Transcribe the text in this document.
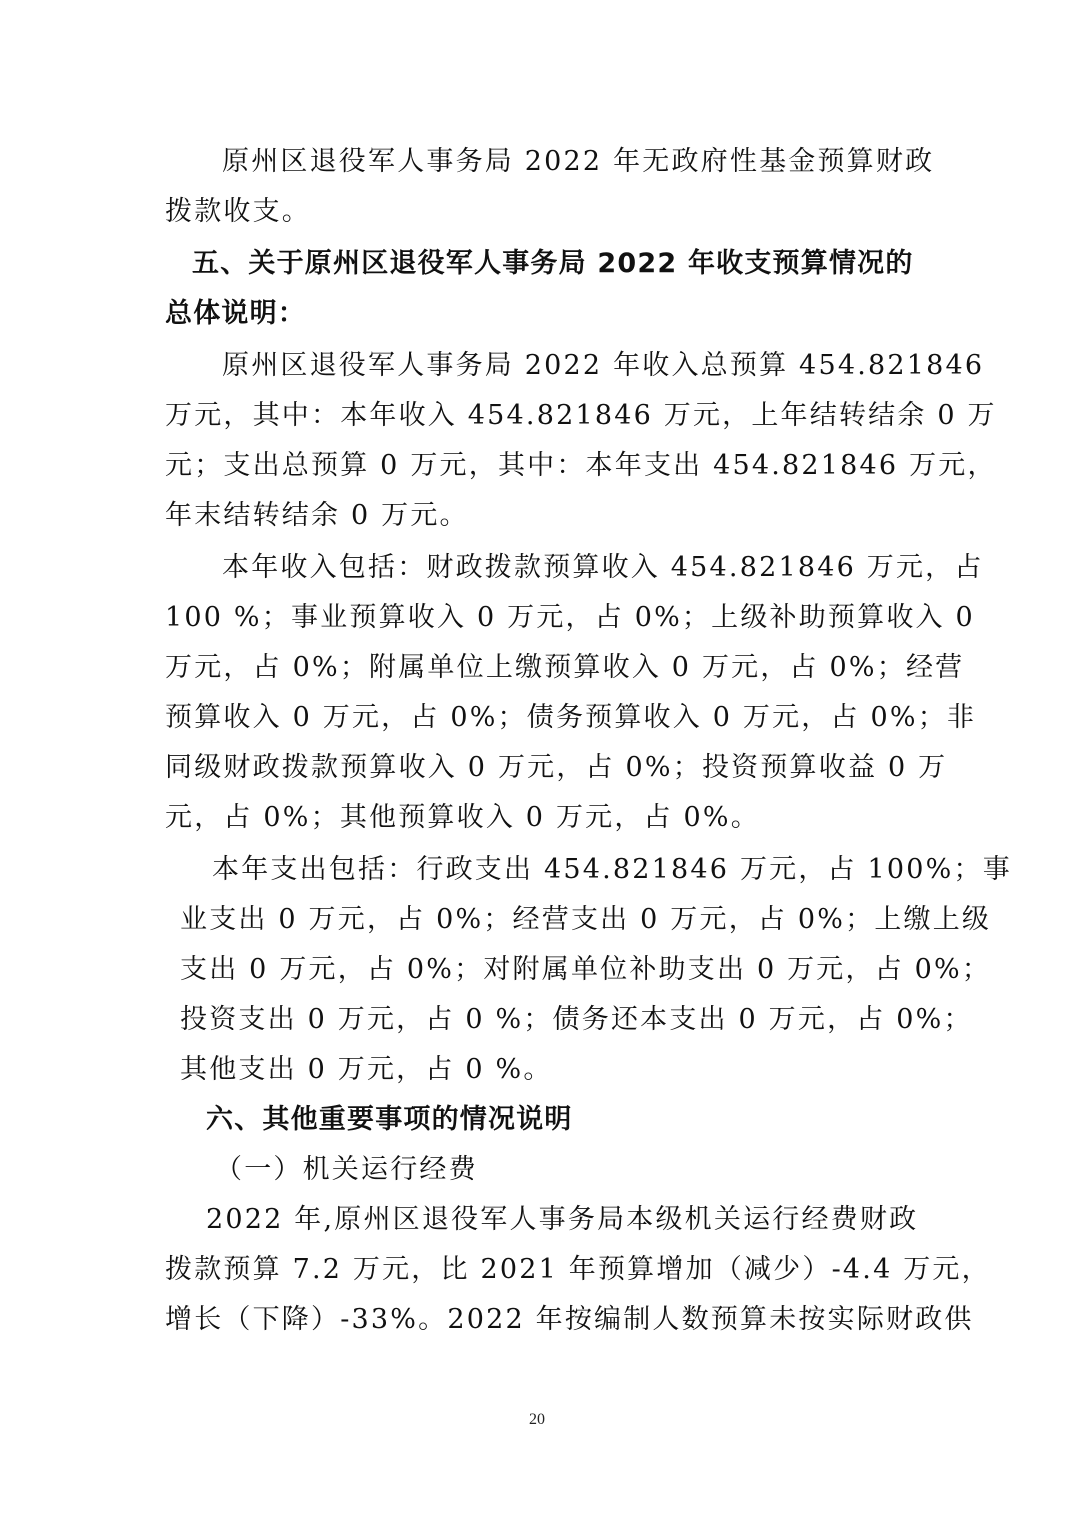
原州区退役军人事务局 2022 年无政府性基金预算财政
拨款收支。
五、关于原州区退役军人事务局 2022 年收支预算情况的
总体说明：
原州区退役军人事务局 2022 年收入总预算 454.821846
万元，其中：本年收入 454.821846 万元，上年结转结余 0 万
元；支出总预算 0 万元，其中：本年支出 454.821846 万元，
年末结转结余 0 万元。
本年收入包括：财政拨款预算收入 454.821846 万元，占
100 %；事业预算收入 0 万元，占 0%；上级补助预算收入 0
万元，占 0%；附属单位上缴预算收入 0 万元，占 0%；经营
预算收入 0 万元，占 0%；债务预算收入 0 万元，占 0%；非
同级财政拨款预算收入 0 万元，占 0%；投资预算收益 0 万
元，占 0%；其他预算收入 0 万元，占 0%。
本年支出包括：行政支出 454.821846 万元，占 100%；事
业支出 0 万元，占 0%；经营支出 0 万元，占 0%；上缴上级
支出 0 万元，占 0%；对附属单位补助支出 0 万元，占 0%；
投资支出 0 万元，占 0 %；债务还本支出 0 万元，占 0%；
其他支出 0 万元，占 0 %。
六、其他重要事项的情况说明
（一）机关运行经费
2022 年,原州区退役军人事务局本级机关运行经费财政
拨款预算 7.2 万元，比 2021 年预算增加（减少）-4.4 万元，
增长（下降）-33%。2022 年按编制人数预算未按实际财政供
20
